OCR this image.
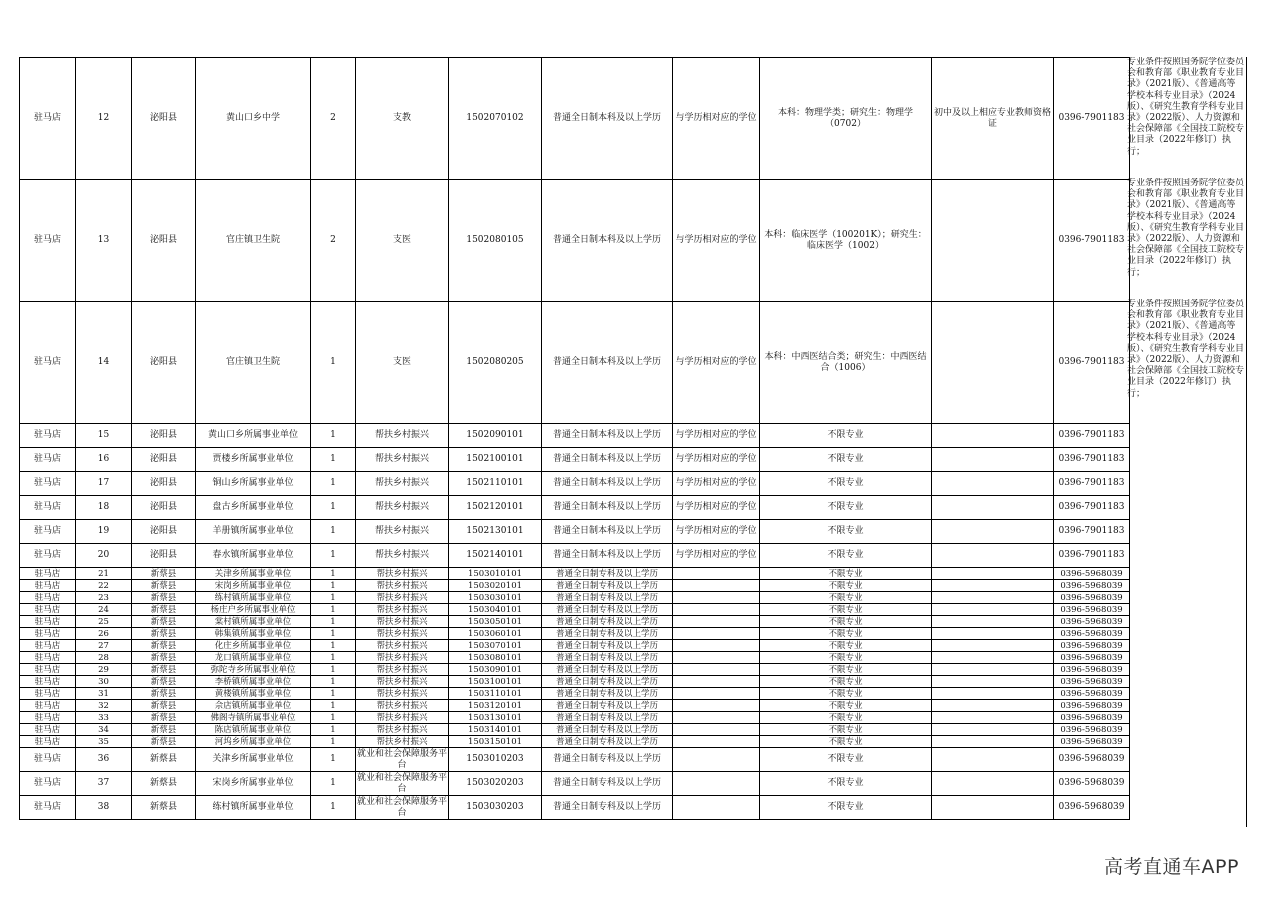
驻马店	12	泌阳县	黄山口乡中学	2	支教	1502070102	普通全日制本科及以上学历	与学历相对应的学位	本科：物理学类；研究生：物理学（0702）	初中及以上相应专业教师资格证	0396-7901183
驻马店	13	泌阳县	官庄镇卫生院	2	支医	1502080105	普通全日制本科及以上学历	与学历相对应的学位	本科：临床医学（100201K）；研究生：临床医学（1002）		0396-7901183
驻马店	14	泌阳县	官庄镇卫生院	1	支医	1502080205	普通全日制本科及以上学历	与学历相对应的学位	本科：中西医结合类；研究生：中西医结合（1006）		0396-7901183
驻马店	15	泌阳县	黄山口乡所属事业单位	1	帮扶乡村振兴	1502090101	普通全日制本科及以上学历	与学历相对应的学位	不限专业		0396-7901183
驻马店	16	泌阳县	贾楼乡所属事业单位	1	帮扶乡村振兴	1502100101	普通全日制本科及以上学历	与学历相对应的学位	不限专业		0396-7901183
驻马店	17	泌阳县	铜山乡所属事业单位	1	帮扶乡村振兴	1502110101	普通全日制本科及以上学历	与学历相对应的学位	不限专业		0396-7901183
驻马店	18	泌阳县	盘古乡所属事业单位	1	帮扶乡村振兴	1502120101	普通全日制本科及以上学历	与学历相对应的学位	不限专业		0396-7901183
驻马店	19	泌阳县	羊册镇所属事业单位	1	帮扶乡村振兴	1502130101	普通全日制本科及以上学历	与学历相对应的学位	不限专业		0396-7901183
驻马店	20	泌阳县	春水镇所属事业单位	1	帮扶乡村振兴	1502140101	普通全日制本科及以上学历	与学历相对应的学位	不限专业		0396-7901183
驻马店	21	新蔡县	关津乡所属事业单位	1	帮扶乡村振兴	1503010101	普通全日制专科及以上学历		不限专业		0396-5968039
驻马店	22	新蔡县	宋岗乡所属事业单位	1	帮扶乡村振兴	1503020101	普通全日制专科及以上学历		不限专业		0396-5968039
驻马店	23	新蔡县	练村镇所属事业单位	1	帮扶乡村振兴	1503030101	普通全日制专科及以上学历		不限专业		0396-5968039
驻马店	24	新蔡县	杨庄户乡所属事业单位	1	帮扶乡村振兴	1503040101	普通全日制专科及以上学历		不限专业		0396-5968039
驻马店	25	新蔡县	棠村镇所属事业单位	1	帮扶乡村振兴	1503050101	普通全日制专科及以上学历		不限专业		0396-5968039
驻马店	26	新蔡县	韩集镇所属事业单位	1	帮扶乡村振兴	1503060101	普通全日制专科及以上学历		不限专业		0396-5968039
驻马店	27	新蔡县	化庄乡所属事业单位	1	帮扶乡村振兴	1503070101	普通全日制专科及以上学历		不限专业		0396-5968039
驻马店	28	新蔡县	龙口镇所属事业单位	1	帮扶乡村振兴	1503080101	普通全日制专科及以上学历		不限专业		0396-5968039
驻马店	29	新蔡县	弥陀寺乡所属事业单位	1	帮扶乡村振兴	1503090101	普通全日制专科及以上学历		不限专业		0396-5968039
驻马店	30	新蔡县	李桥镇所属事业单位	1	帮扶乡村振兴	1503100101	普通全日制专科及以上学历		不限专业		0396-5968039
驻马店	31	新蔡县	黄楼镇所属事业单位	1	帮扶乡村振兴	1503110101	普通全日制专科及以上学历		不限专业		0396-5968039
驻马店	32	新蔡县	佘店镇所属事业单位	1	帮扶乡村振兴	1503120101	普通全日制专科及以上学历		不限专业		0396-5968039
驻马店	33	新蔡县	佛阁寺镇所属事业单位	1	帮扶乡村振兴	1503130101	普通全日制专科及以上学历		不限专业		0396-5968039
驻马店	34	新蔡县	陈店镇所属事业单位	1	帮扶乡村振兴	1503140101	普通全日制专科及以上学历		不限专业		0396-5968039
驻马店	35	新蔡县	河坞乡所属事业单位	1	帮扶乡村振兴	1503150101	普通全日制专科及以上学历		不限专业		0396-5968039
驻马店	36	新蔡县	关津乡所属事业单位	1	就业和社会保障服务平台	1503010203	普通全日制专科及以上学历		不限专业		0396-5968039
驻马店	37	新蔡县	宋岗乡所属事业单位	1	就业和社会保障服务平台	1503020203	普通全日制专科及以上学历		不限专业		0396-5968039
驻马店	38	新蔡县	练村镇所属事业单位	1	就业和社会保障服务平台	1503030203	普通全日制专科及以上学历		不限专业		0396-5968039
专业条件按照国务院学位委员会和教育部《职业教育专业目录》（2021版）、《普通高等学校本科专业目录》（2024版）、《研究生教育学科专业目录》（2022版）、人力资源和社会保障部《全国技工院校专业目录（2022年修订）执行；
专业条件按照国务院学位委员会和教育部《职业教育专业目录》（2021版）、《普通高等学校本科专业目录》（2024版）、《研究生教育学科专业目录》（2022版）、人力资源和社会保障部《全国技工院校专业目录（2022年修订）执行；
专业条件按照国务院学位委员会和教育部《职业教育专业目录》（2021版）、《普通高等学校本科专业目录》（2024版）、《研究生教育学科专业目录》（2022版）、人力资源和社会保障部《全国技工院校专业目录（2022年修订）执行；
高考直通车APP
